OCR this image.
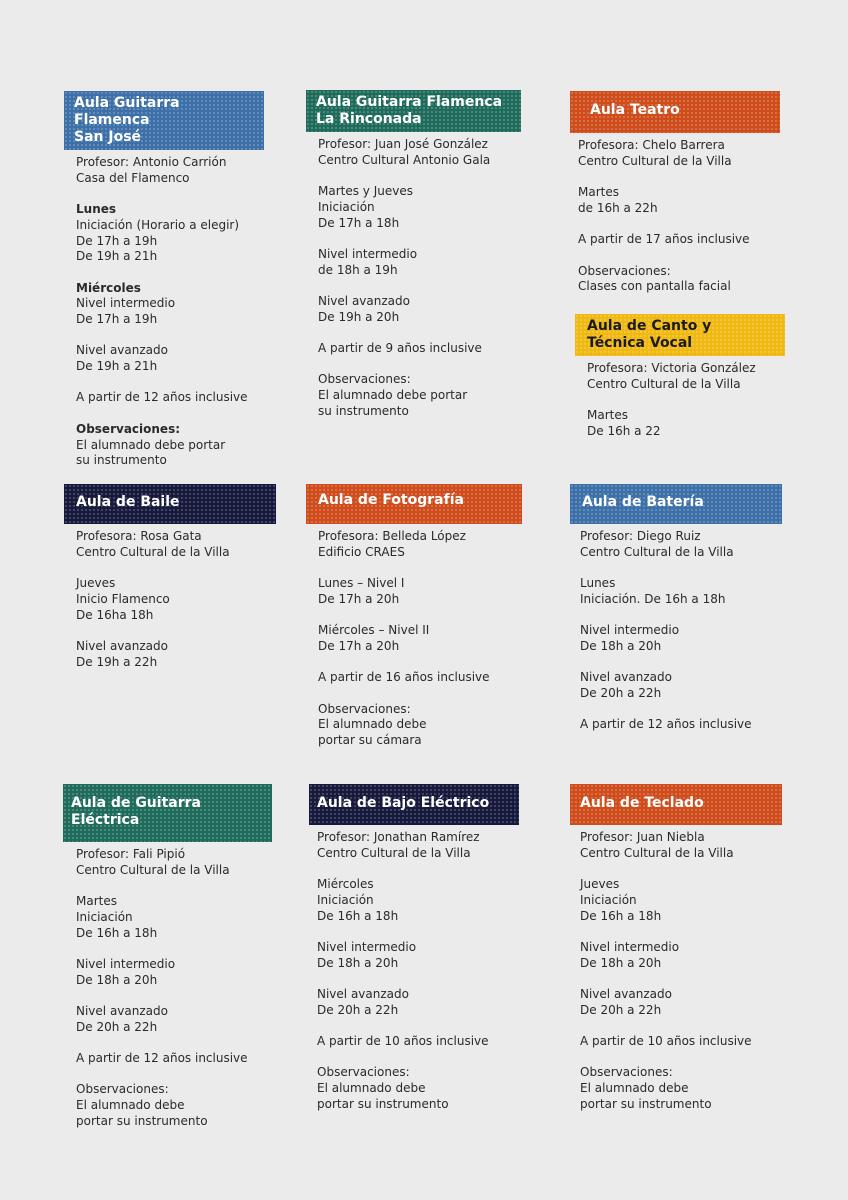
Aula Guitarra Flamenca
San José
Profesor: Antonio Carrión
Casa del Flamenco
Lunes
Iniciación (Horario a elegir)
De 17h a 19h
De 19h a 21h
Miércoles
Nivel intermedio
De 17h a 19h
Nivel avanzado
De 19h a 21h
A partir de 12 años inclusive
Observaciones:
El alumnado debe portar
su instrumento
Aula Guitarra Flamenca
La Rinconada
Profesor: Juan José González
Centro Cultural Antonio Gala
Martes y Jueves
Iniciación
De 17h a 18h
Nivel intermedio
de 18h a 19h
Nivel avanzado
De 19h a 20h
A partir de 9 años inclusive
Observaciones:
El alumnado debe portar
su instrumento
Aula Teatro
Profesora: Chelo Barrera
Centro Cultural de la Villa
Martes
de 16h a 22h
A partir de 17 años inclusive
Observaciones:
Clases con pantalla facial
Aula de Canto y
Técnica Vocal
Profesora: Victoria González
Centro Cultural de la Villa
Martes
De 16h a 22
Aula de Baile
Profesora: Rosa Gata
Centro Cultural de la Villa
Jueves
Inicio Flamenco
De 16ha 18h
Nivel avanzado
De 19h a 22h
Aula de Fotografía
Profesora: Belleda López
Edificio CRAES
Lunes – Nivel I
De 17h a 20h
Miércoles – Nivel II
De 17h a 20h
A partir de 16 años inclusive
Observaciones:
El alumnado debe
portar su cámara
Aula de Batería
Profesor: Diego Ruiz
Centro Cultural de la Villa
Lunes
Iniciación. De 16h a 18h
Nivel intermedio
De 18h a 20h
Nivel avanzado
De 20h a 22h
A partir de 12 años inclusive
Aula de Guitarra Eléctrica
Profesor: Fali Pipió
Centro Cultural de la Villa
Martes
Iniciación
De 16h a 18h
Nivel intermedio
De 18h a 20h
Nivel avanzado
De 20h a 22h
A partir de 12 años inclusive
Observaciones:
El alumnado debe
portar su instrumento
Aula de Bajo Eléctrico
Profesor: Jonathan Ramírez
Centro Cultural de la Villa
Miércoles
Iniciación
De 16h a 18h
Nivel intermedio
De 18h a 20h
Nivel avanzado
De 20h a 22h
A partir de 10 años inclusive
Observaciones:
El alumnado debe
portar su instrumento
Aula de Teclado
Profesor: Juan Niebla
Centro Cultural de la Villa
Jueves
Iniciación
De 16h a 18h
Nivel intermedio
De 18h a 20h
Nivel avanzado
De 20h a 22h
A partir de 10 años inclusive
Observaciones:
El alumnado debe
portar su instrumento
